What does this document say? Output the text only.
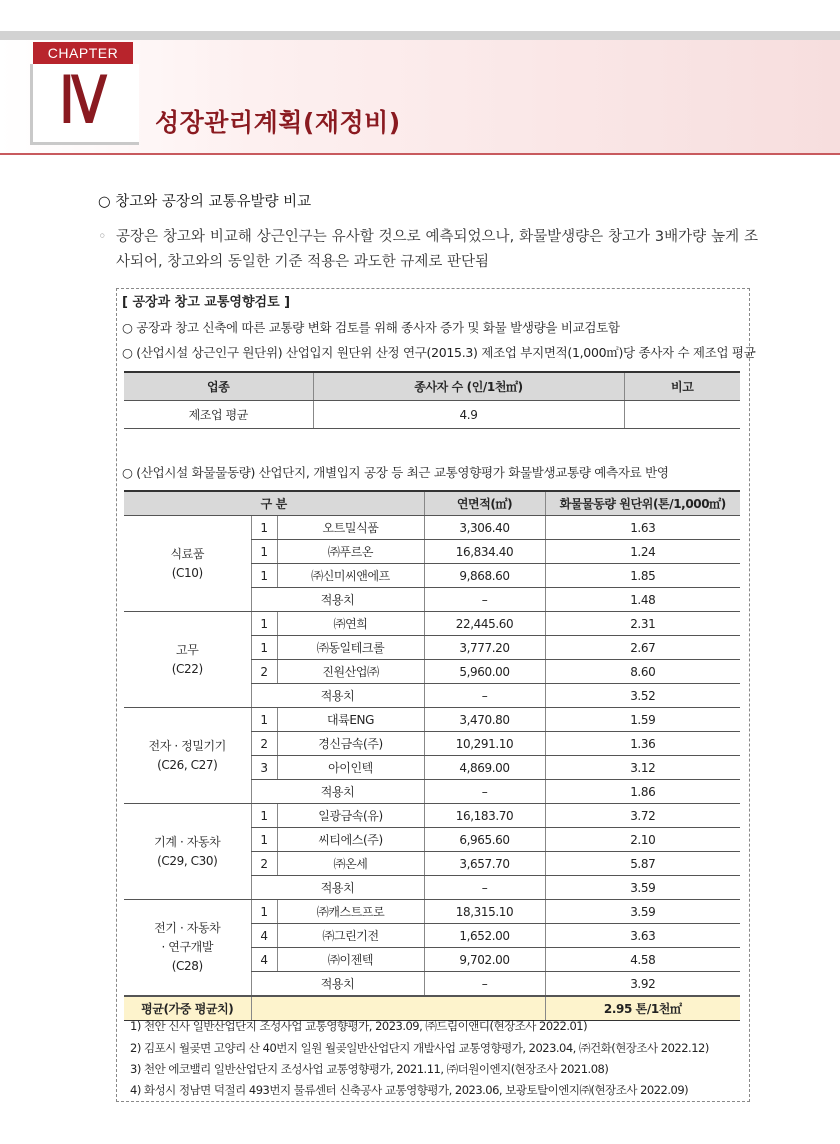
CHAPTER
Ⅳ	성장관리계획(재정비)
○ 창고와 공장의 교통유발량 비교
◦ 공장은 창고와 비교해 상근인구는 유사할 것으로 예측되었으나, 화물발생량은 창고가 3배가량 높게 조사되어, 창고와의 동일한 기준 적용은 과도한 규제로 판단됨
[ 공장과 창고 교통영향검토 ]
○ 공장과 창고 신축에 따른 교통량 변화 검토를 위해 종사자 증가 및 화물 발생량을 비교검토함
○ (산업시설 상근인구 원단위) 산업입지 원단위 산정 연구(2015.3) 제조업 부지면적(1,000㎡)당 종사자 수 제조업 평균
업종	종사자 수 (인/1천㎡)	비고
제조업 평균	4.9	
○ (산업시설 화물물동량) 산업단지, 개별입지 공장 등 최근 교통영향평가 화물발생교통량 예측자료 반영
구 분			연면적(㎡)	화물물동량 원단위(톤/1,000㎡)

식료품
(C10)	1	오트밀식품	3,306.40	1.63
	1	㈜푸르온	16,834.40	1.24
	1	㈜신미씨앤에프	9,868.60	1.85
	적용치		–	1.48

고무
(C22)	1	㈜연희	22,445.60	2.31
	1	㈜동일테크롤	3,777.20	2.67
	2	진원산업㈜	5,960.00	8.60
	적용치		–	3.52

전자 · 정밀기기
(C26, C27)	1	대륙ENG	3,470.80	1.59
	2	경신금속(주)	10,291.10	1.36
	3	아이인텍	4,869.00	3.12
	적용치		–	1.86

기계 · 자동차
(C29, C30)	1	일광금속(유)	16,183.70	3.72
	1	씨티에스(주)	6,965.60	2.10
	2	㈜온세	3,657.70	5.87
	적용치		–	3.59

전기 · 자동차
· 연구개발
(C28)	1	㈜캐스트프로	18,315.10	3.59
	4	㈜그린기전	1,652.00	3.63
	4	㈜이젠텍	9,702.00	4.58
	적용치		–	3.92
평균(가중 평균치)				2.95 톤/1천㎡
1) 천안 신사 일반산업단지 조성사업 교통영향평가, 2023.09, ㈜드림이앤디(현장조사 2022.01)
2) 김포시 월곶면 고양리 산 40번지 일원 월곶일반산업단지 개발사업 교통영향평가, 2023.04, ㈜건화(현장조사 2022.12)
3) 천안 에코밸리 일반산업단지 조성사업 교통영향평가, 2021.11, ㈜더원이엔지(현장조사 2021.08)
4) 화성시 정남면 덕절리 493번지 물류센터 신축공사 교통영향평가, 2023.06, 보광토탈이엔지㈜(현장조사 2022.09)
